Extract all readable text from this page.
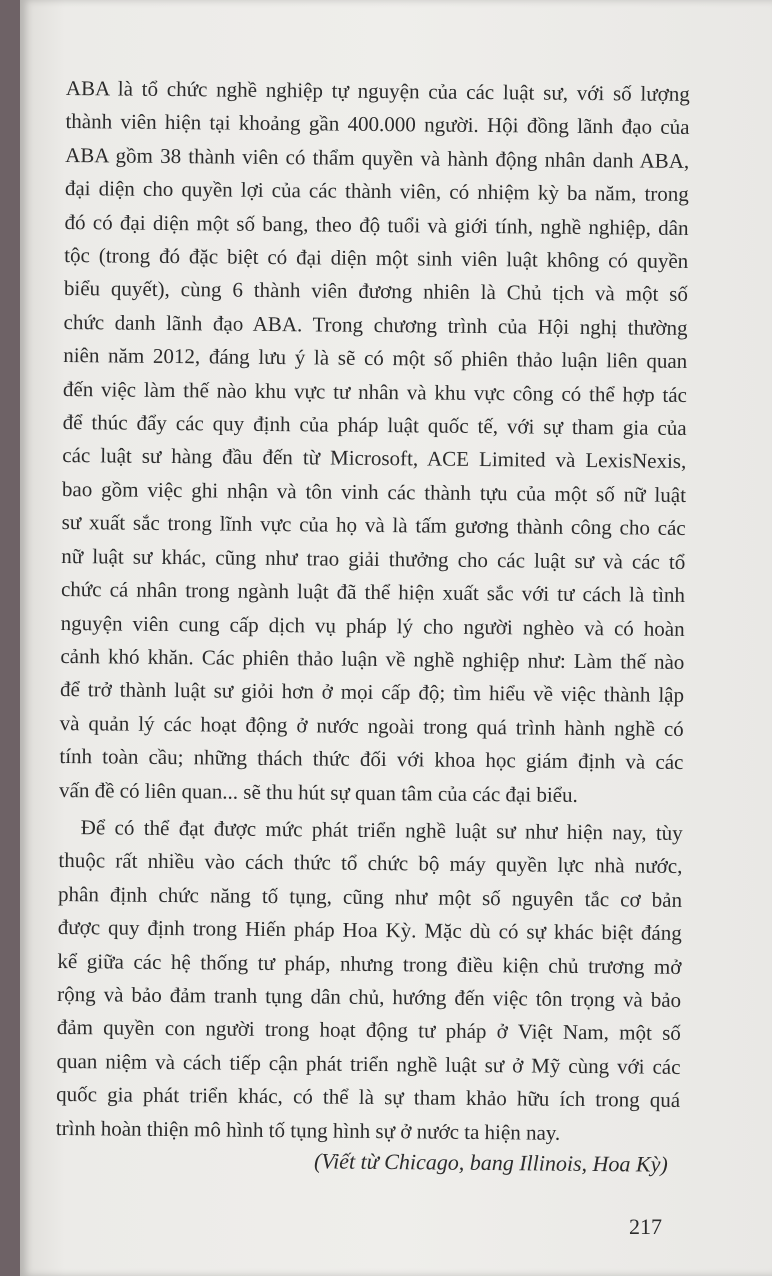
ABA là tổ chức nghề nghiệp tự nguyện của các luật sư, với số lượng
thành viên hiện tại khoảng gần 400.000 người. Hội đồng lãnh đạo của
ABA gồm 38 thành viên có thẩm quyền và hành động nhân danh ABA,
đại diện cho quyền lợi của các thành viên, có nhiệm kỳ ba năm, trong
đó có đại diện một số bang, theo độ tuổi và giới tính, nghề nghiệp, dân
tộc (trong đó đặc biệt có đại diện một sinh viên luật không có quyền
biểu quyết), cùng 6 thành viên đương nhiên là Chủ tịch và một số
chức danh lãnh đạo ABA. Trong chương trình của Hội nghị thường
niên năm 2012, đáng lưu ý là sẽ có một số phiên thảo luận liên quan
đến việc làm thế nào khu vực tư nhân và khu vực công có thể hợp tác
để thúc đẩy các quy định của pháp luật quốc tế, với sự tham gia của
các luật sư hàng đầu đến từ Microsoft, ACE Limited và LexisNexis,
bao gồm việc ghi nhận và tôn vinh các thành tựu của một số nữ luật
sư xuất sắc trong lĩnh vực của họ và là tấm gương thành công cho các
nữ luật sư khác, cũng như trao giải thưởng cho các luật sư và các tổ
chức cá nhân trong ngành luật đã thể hiện xuất sắc với tư cách là tình
nguyện viên cung cấp dịch vụ pháp lý cho người nghèo và có hoàn
cảnh khó khăn. Các phiên thảo luận về nghề nghiệp như: Làm thế nào
để trở thành luật sư giỏi hơn ở mọi cấp độ; tìm hiểu về việc thành lập
và quản lý các hoạt động ở nước ngoài trong quá trình hành nghề có
tính toàn cầu; những thách thức đối với khoa học giám định và các
vấn đề có liên quan... sẽ thu hút sự quan tâm của các đại biểu.
Để có thể đạt được mức phát triển nghề luật sư như hiện nay, tùy
thuộc rất nhiều vào cách thức tổ chức bộ máy quyền lực nhà nước,
phân định chức năng tố tụng, cũng như một số nguyên tắc cơ bản
được quy định trong Hiến pháp Hoa Kỳ. Mặc dù có sự khác biệt đáng
kể giữa các hệ thống tư pháp, nhưng trong điều kiện chủ trương mở
rộng và bảo đảm tranh tụng dân chủ, hướng đến việc tôn trọng và bảo
đảm quyền con người trong hoạt động tư pháp ở Việt Nam, một số
quan niệm và cách tiếp cận phát triển nghề luật sư ở Mỹ cùng với các
quốc gia phát triển khác, có thể là sự tham khảo hữu ích trong quá
trình hoàn thiện mô hình tố tụng hình sự ở nước ta hiện nay.
(Viết từ Chicago, bang Illinois, Hoa Kỳ)
217
